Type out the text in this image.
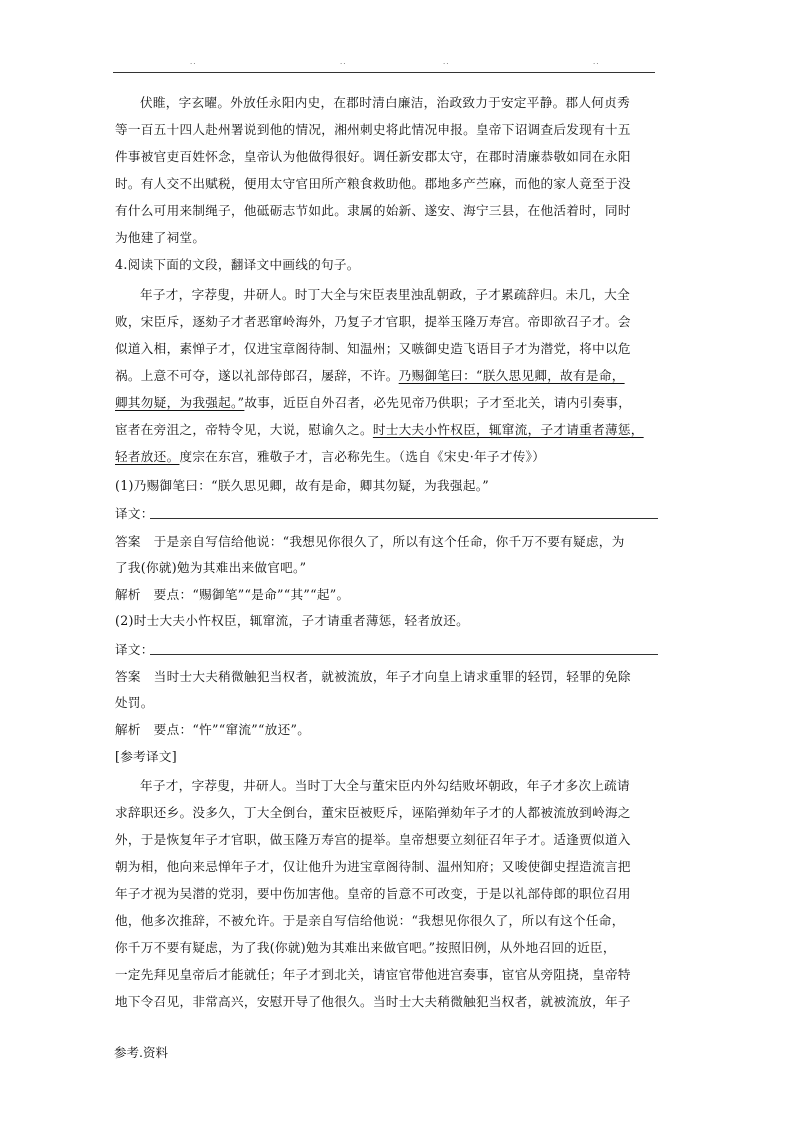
..	..	..	..
伏睢，字玄曜。外放任永阳内史，在郡时清白廉洁，治政致力于安定平静。郡人何贞秀
等一百五十四人赴州署说到他的情况，湘州刺史将此情况申报。皇帝下诏调查后发现有十五
件事被官吏百姓怀念，皇帝认为他做得很好。调任新安郡太守，在郡时清廉恭敬如同在永阳
时。有人交不出赋税，便用太守官田所产粮食救助他。郡地多产苎麻，而他的家人竟至于没
有什么可用来制绳子，他砥砺志节如此。隶属的始新、遂安、海宁三县，在他活着时，同时
为他建了祠堂。
4.阅读下面的文段，翻译文中画线的句子。
年子才，字荐叟，井研人。时丁大全与宋臣表里浊乱朝政，子才累疏辞归。未几，大全
败，宋臣斥，逐劾子才者恶窜岭海外，乃复子才官职，提举玉隆万寿宫。帝即欲召子才。会
似道入相，素惮子才，仅进宝章阁待制、知温州；又嗾御史造飞语目子才为潜党，将中以危
祸。上意不可夺，遂以礼部侍郎召，屡辞，不许。乃赐御笔曰：“朕久思见卿，故有是命，
卿其勿疑，为我强起。”故事，近臣自外召者，必先见帝乃供职；子才至北关，请内引奏事，
宦者在旁沮之，帝特令见，大说，慰谕久之。时士大夫小忤权臣，辄窜流，子才请重者薄惩，
轻者放还。度宗在东宫，雅敬子才，言必称先生。（选自《宋史·年子才传》）
(1)乃赐御笔曰：“朕久思见卿，故有是命，卿其勿疑，为我强起。”
译文：
答案　于是亲自写信给他说：“我想见你很久了，所以有这个任命，你千万不要有疑虑，为
了我(你就)勉为其难出来做官吧。”
解析　要点：“赐御笔”“是命”“其”“起”。
(2)时士大夫小忤权臣，辄窜流，子才请重者薄惩，轻者放还。
译文：
答案　当时士大夫稍微触犯当权者，就被流放，年子才向皇上请求重罪的轻罚，轻罪的免除
处罚。
解析　要点：“忤”“窜流”“放还”。
[参考译文]
年子才，字荐叟，井研人。当时丁大全与董宋臣内外勾结败坏朝政，年子才多次上疏请
求辞职还乡。没多久，丁大全倒台，董宋臣被贬斥，诬陷弹劾年子才的人都被流放到岭海之
外，于是恢复年子才官职，做玉隆万寿宫的提举。皇帝想要立刻征召年子才。适逢贾似道入
朝为相，他向来忌惮年子才，仅让他升为进宝章阁待制、温州知府；又唆使御史捏造流言把
年子才视为吴潜的党羽，要中伤加害他。皇帝的旨意不可改变，于是以礼部侍郎的职位召用
他，他多次推辞，不被允许。于是亲自写信给他说：“我想见你很久了，所以有这个任命，
你千万不要有疑虑，为了我(你就)勉为其难出来做官吧。”按照旧例，从外地召回的近臣，
一定先拜见皇帝后才能就任；年子才到北关，请宦官带他进宫奏事，宦官从旁阻挠，皇帝特
地下令召见，非常高兴，安慰开导了他很久。当时士大夫稍微触犯当权者，就被流放，年子
参考.资料
